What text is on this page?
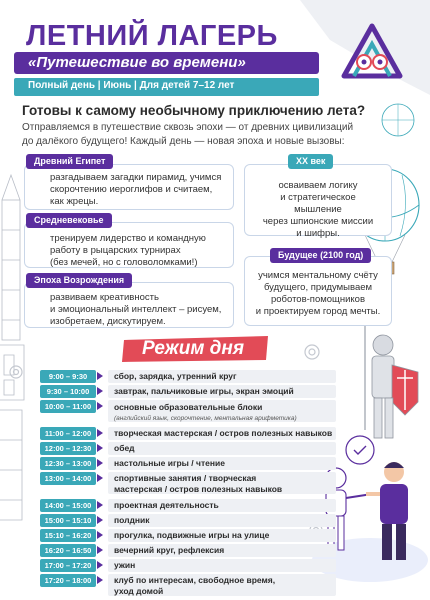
ЛЕТНИЙ ЛАГЕРЬ
«Путешествие во времени»
Полный день | Июнь | Для детей 7–12 лет
Готовы к самому необычному приключению лета?
Отправляемся в путешествие сквозь эпохи — от древних цивилизаций
до далёкого будущего! Каждый день — новая эпоха и новые вызовы:
Древний Египет
разгадываем загадки пирамид, учимся
скорочтению иероглифов и считаем,
как жрецы.
Средневековье
тренируем лидерство и командную
работу в рыцарских турнирах
(без мечей, но с головоломками!)
Эпоха Возрождения
развиваем креативность
и эмоциональный интеллект – рисуем,
изобретаем, дискутируем.
XX век
осваиваем логику
и стратегическое мышление
через шпионские миссии
и шифры.
Будущее (2100 год)
учимся ментальному счёту
будущего, придумываем
роботов-помощников
и проектируем город мечты.
Режим дня
9:00 – 9:30	сбор, зарядка, утренний круг
9:30 – 10:00	завтрак, пальчиковые игры, экран эмоций
10:00 – 11:00	основные образовательные блоки
(английский язык, скорочтение, ментальная арифметика)
11:00 – 12:00	творческая мастерская / остров полезных навыков
12:00 – 12:30	обед
12:30 – 13:00	настольные игры / чтение
13:00 – 14:00	спортивные занятия / творческая
мастерская / остров полезных навыков
14:00 – 15:00	проектная деятельность
15:00 – 15:10	полдник
15:10 – 16:20	прогулка, подвижные игры на улице
16:20 – 16:50	вечерний круг, рефлексия
17:00 – 17:20	ужин
17:20 – 18:00	клуб по интересам, свободное время,
уход домой
